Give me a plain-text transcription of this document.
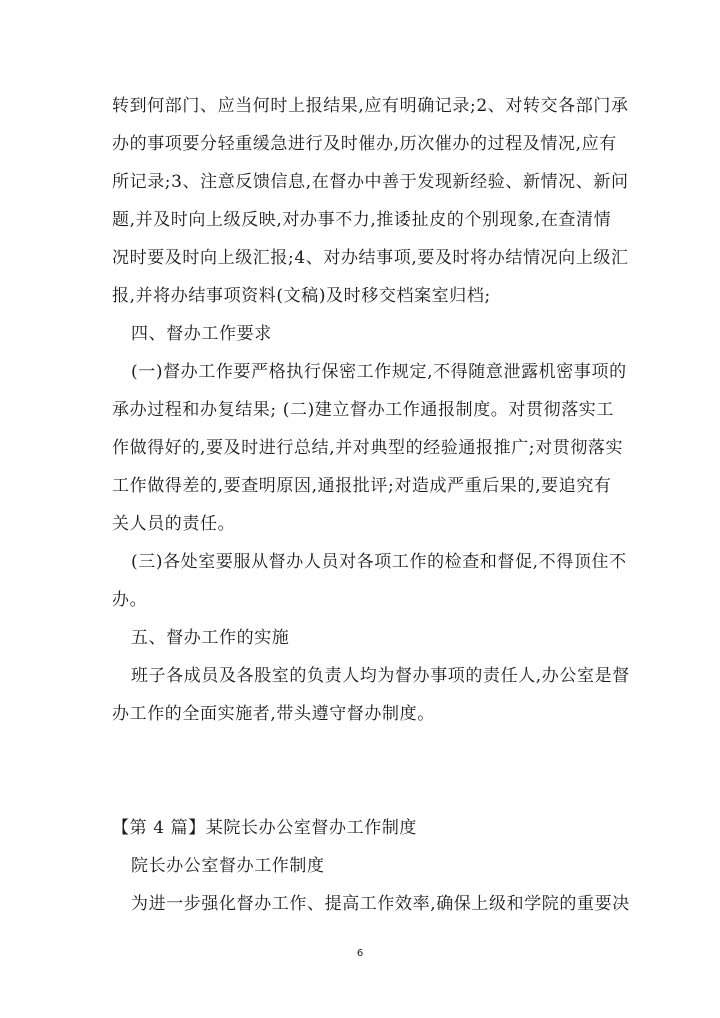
转到何部门、应当何时上报结果,应有明确记录;2、对转交各部门承
办的事项要分轻重缓急进行及时催办,历次催办的过程及情况,应有
所记录;3、注意反馈信息,在督办中善于发现新经验、新情况、新问
题,并及时向上级反映,对办事不力,推诿扯皮的个别现象,在查清情
况时要及时向上级汇报;4、对办结事项,要及时将办结情况向上级汇
报,并将办结事项资料(文稿)及时移交档案室归档;
四、督办工作要求
(一)督办工作要严格执行保密工作规定,不得随意泄露机密事项的
承办过程和办复结果; (二)建立督办工作通报制度。对贯彻落实工
作做得好的,要及时进行总结,并对典型的经验通报推广;对贯彻落实
工作做得差的,要查明原因,通报批评;对造成严重后果的,要追究有
关人员的责任。
(三)各处室要服从督办人员对各项工作的检查和督促,不得顶住不
办。
五、督办工作的实施
班子各成员及各股室的负责人均为督办事项的责任人,办公室是督
办工作的全面实施者,带头遵守督办制度。
【第 4 篇】某院长办公室督办工作制度
院长办公室督办工作制度
为进一步强化督办工作、提高工作效率,确保上级和学院的重要决
6
